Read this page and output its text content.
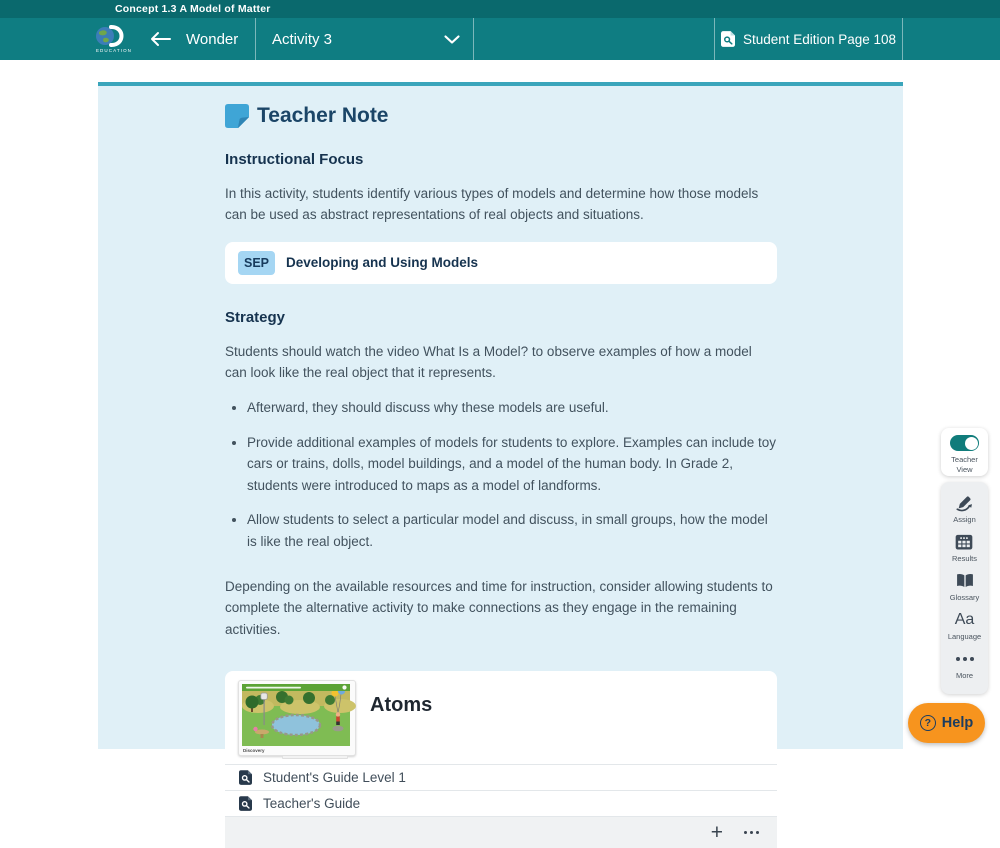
Concept 1.3 A Model of Matter
EDUCATION
Wonder Activity 3	Student Edition Page 108
Teacher Note
Instructional Focus

In this activity, students identify various types of models and determine how those models can be used as abstract representations of real objects and situations.

SEP	Developing and Using Models
Strategy

Students should watch the video What Is a Model? to observe examples of how a model can look like the real object that it represents.

• Afterward, they should discuss why these models are useful.
• Provide additional examples of models for students to explore. Examples can include toy cars or trains, dolls, model buildings, and a model of the human body. In Grade 2, students were introduced to maps as a model of landforms.
• Allow students to select a particular model and discuss, in small groups, how the model is like the real object.

Depending on the available resources and time for instruction, consider allowing students to complete the alternative activity to make connections as they engage in the remaining activities.

Discovery
Atoms
Student's Guide Level 1
Teacher's Guide
+
Teacher View
Assign
Results
Glossary
Aa
Language
More
? Help
